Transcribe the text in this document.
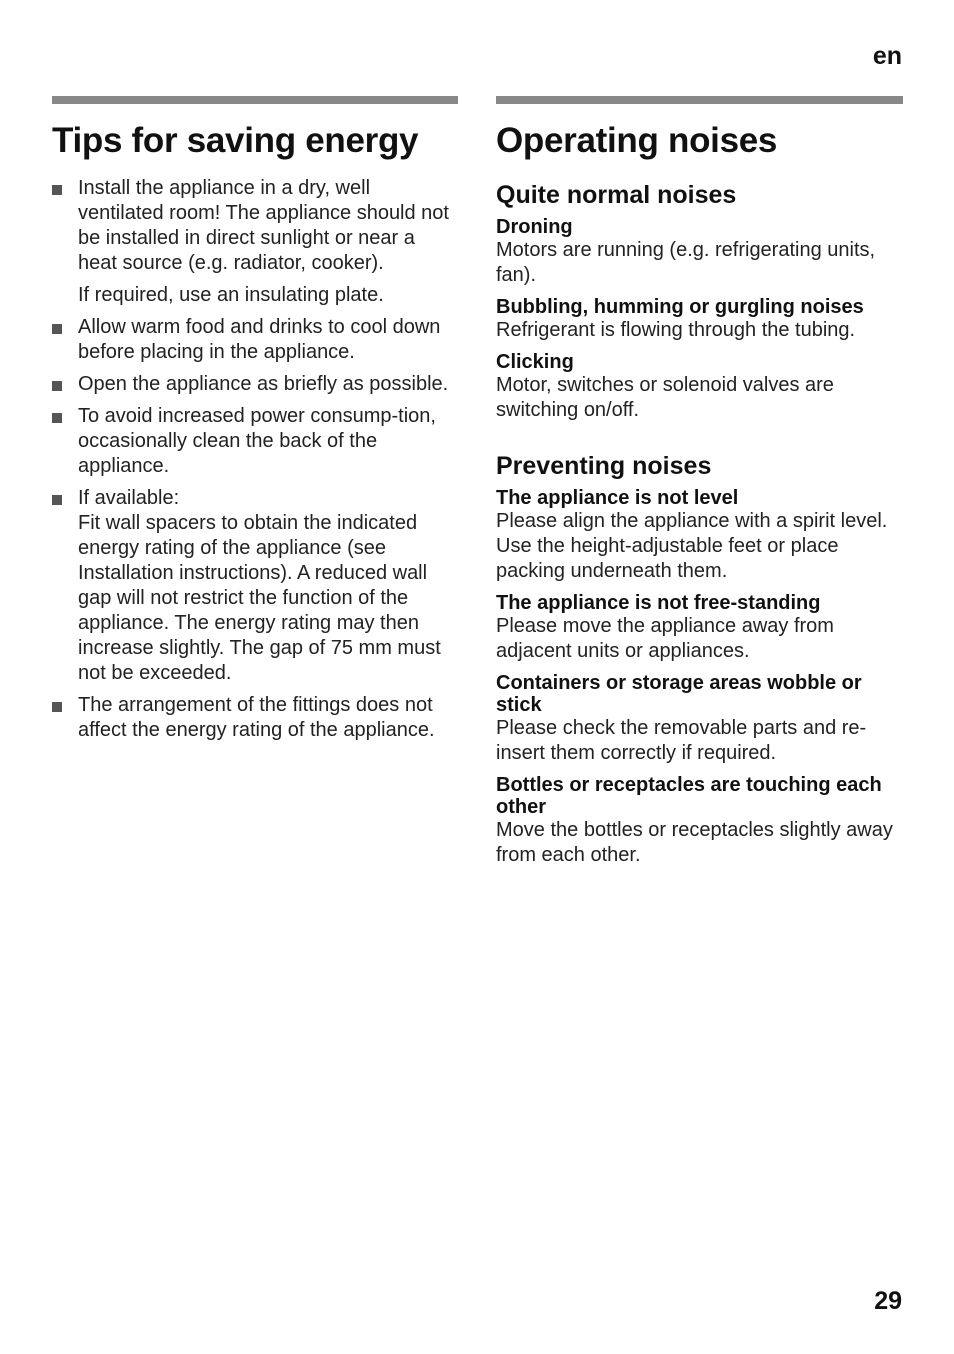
en
Tips for saving energy
Install the appliance in a dry, well ventilated room! The appliance should not be installed in direct sunlight or near a heat source (e.g. radiator, cooker).
If required, use an insulating plate.
Allow warm food and drinks to cool down before placing in the appliance.
Open the appliance as briefly as possible.
To avoid increased power consump-tion, occasionally clean the back of the appliance.
If available:
Fit wall spacers to obtain the indicated energy rating of the appliance (see Installation instructions). A reduced wall gap will not restrict the function of the appliance. The energy rating may then increase slightly. The gap of 75 mm must not be exceeded.
The arrangement of the fittings does not affect the energy rating of the appliance.
Operating noises
Quite normal noises
Droning
Motors are running (e.g. refrigerating units, fan).
Bubbling, humming or gurgling noises
Refrigerant is flowing through the tubing.
Clicking
Motor, switches or solenoid valves are switching on/off.
Preventing noises
The appliance is not level
Please align the appliance with a spirit level. Use the height-adjustable feet or place packing underneath them.
The appliance is not free-standing
Please move the appliance away from adjacent units or appliances.
Containers or storage areas wobble or stick
Please check the removable parts and re-insert them correctly if required.
Bottles or receptacles are touching each other
Move the bottles or receptacles slightly away from each other.
29
